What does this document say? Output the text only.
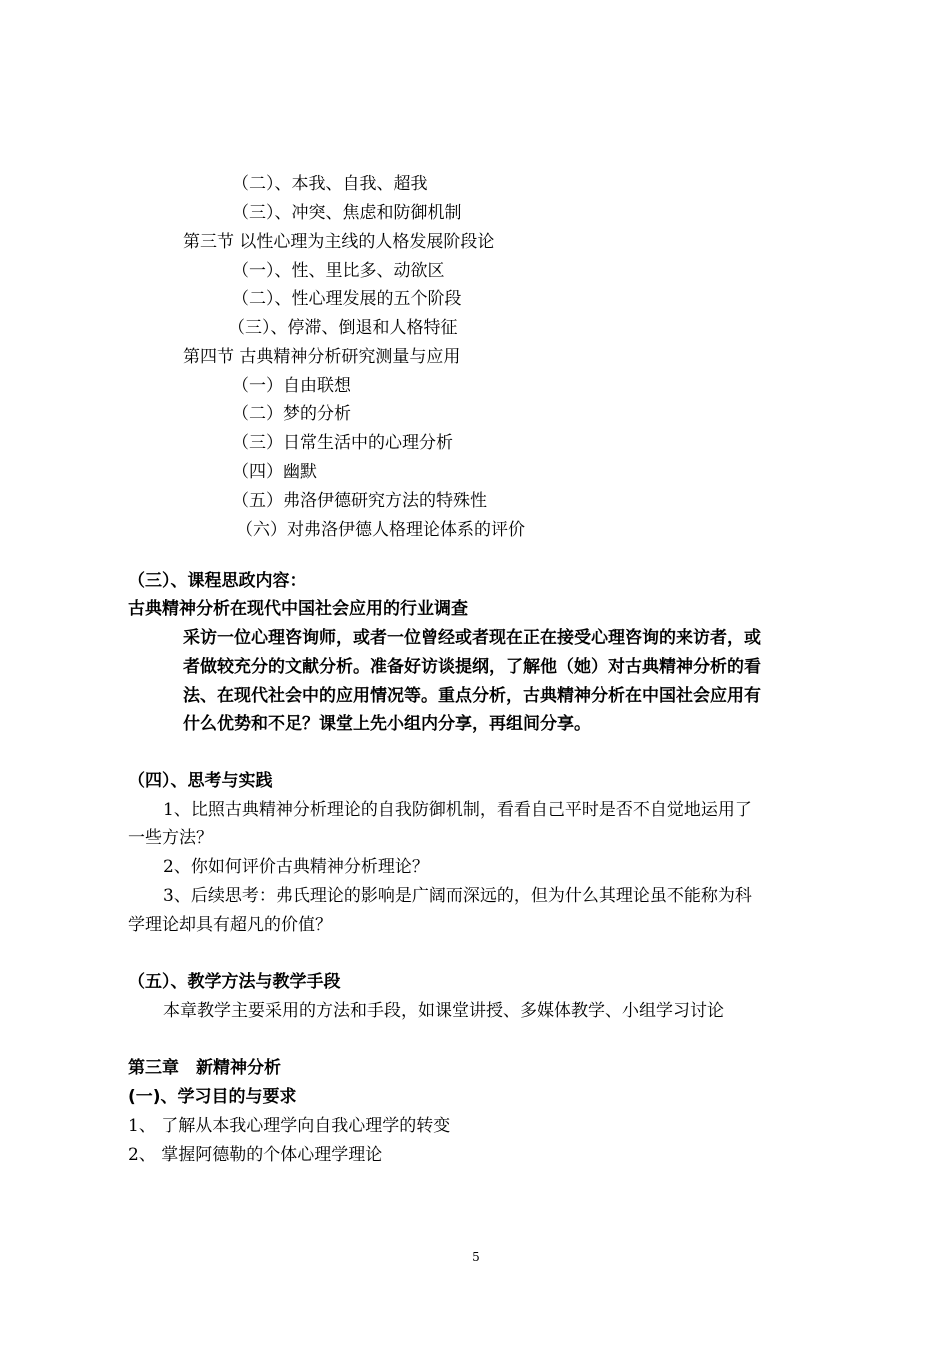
（二）、本我、自我、超我
（三）、冲突、焦虑和防御机制
第三节 以性心理为主线的人格发展阶段论
（一）、性、里比多、动欲区
（二）、性心理发展的五个阶段
（三）、停滞、倒退和人格特征
第四节 古典精神分析研究测量与应用
（一）自由联想
（二）梦的分析
（三）日常生活中的心理分析
（四）幽默
（五）弗洛伊德研究方法的特殊性
（六）对弗洛伊德人格理论体系的评价
（三）、课程思政内容：
古典精神分析在现代中国社会应用的行业调查
采访一位心理咨询师，或者一位曾经或者现在正在接受心理咨询的来访者，或
者做较充分的文献分析。准备好访谈提纲，了解他（她）对古典精神分析的看
法、在现代社会中的应用情况等。重点分析，古典精神分析在中国社会应用有
什么优势和不足？课堂上先小组内分享，再组间分享。
（四）、思考与实践
1、比照古典精神分析理论的自我防御机制，看看自己平时是否不自觉地运用了
一些方法？
2、你如何评价古典精神分析理论？
3、后续思考：弗氏理论的影响是广阔而深远的，但为什么其理论虽不能称为科
学理论却具有超凡的价值？
（五）、教学方法与教学手段
本章教学主要采用的方法和手段，如课堂讲授、多媒体教学、小组学习讨论
第三章　新精神分析
(一)、学习目的与要求
1、 了解从本我心理学向自我心理学的转变
2、 掌握阿德勒的个体心理学理论
5
